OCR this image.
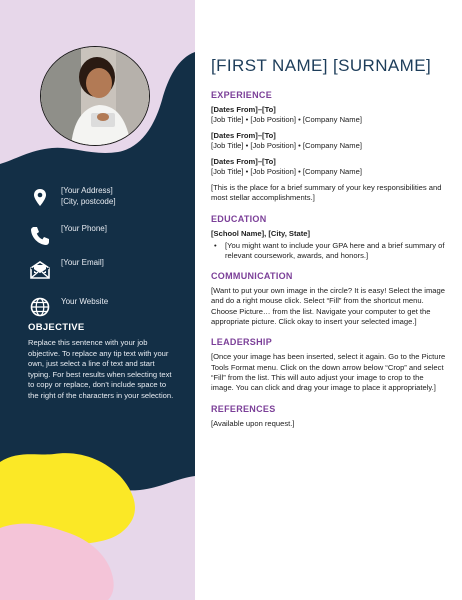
[Your Address]
[City, postcode]
[Your Phone]
[Your Email]
Your Website
OBJECTIVE
Replace this sentence with your job objective. To replace any tip text with your own, just select a line of text and start typing. For best results when selecting text to copy or replace, don’t include space to the right of the characters in your selection.
[FIRST NAME] [SURNAME]
EXPERIENCE
[Dates From]–[To]
[Job Title] • [Job Position] • [Company Name]
[Dates From]–[To]
[Job Title] • [Job Position] • [Company Name]
[Dates From]–[To]
[Job Title] • [Job Position] • [Company Name]
[This is the place for a brief summary of your key responsibilities and most stellar accomplishments.]
EDUCATION
[School Name], [City, State]
• [You might want to include your GPA here and a brief summary of relevant coursework, awards, and honors.]
COMMUNICATION
[Want to put your own image in the circle? It is easy! Select the image and do a right mouse click. Select “Fill” from the shortcut menu. Choose Picture… from the list. Navigate your computer to get the appropriate picture. Click okay to insert your selected image.]
LEADERSHIP
[Once your image has been inserted, select it again. Go to the Picture Tools Format menu. Click on the down arrow below “Crop” and select “Fill” from the list. This will auto adjust your image to crop to the image. You can click and drag your image to place it appropriately.]
REFERENCES
[Available upon request.]
